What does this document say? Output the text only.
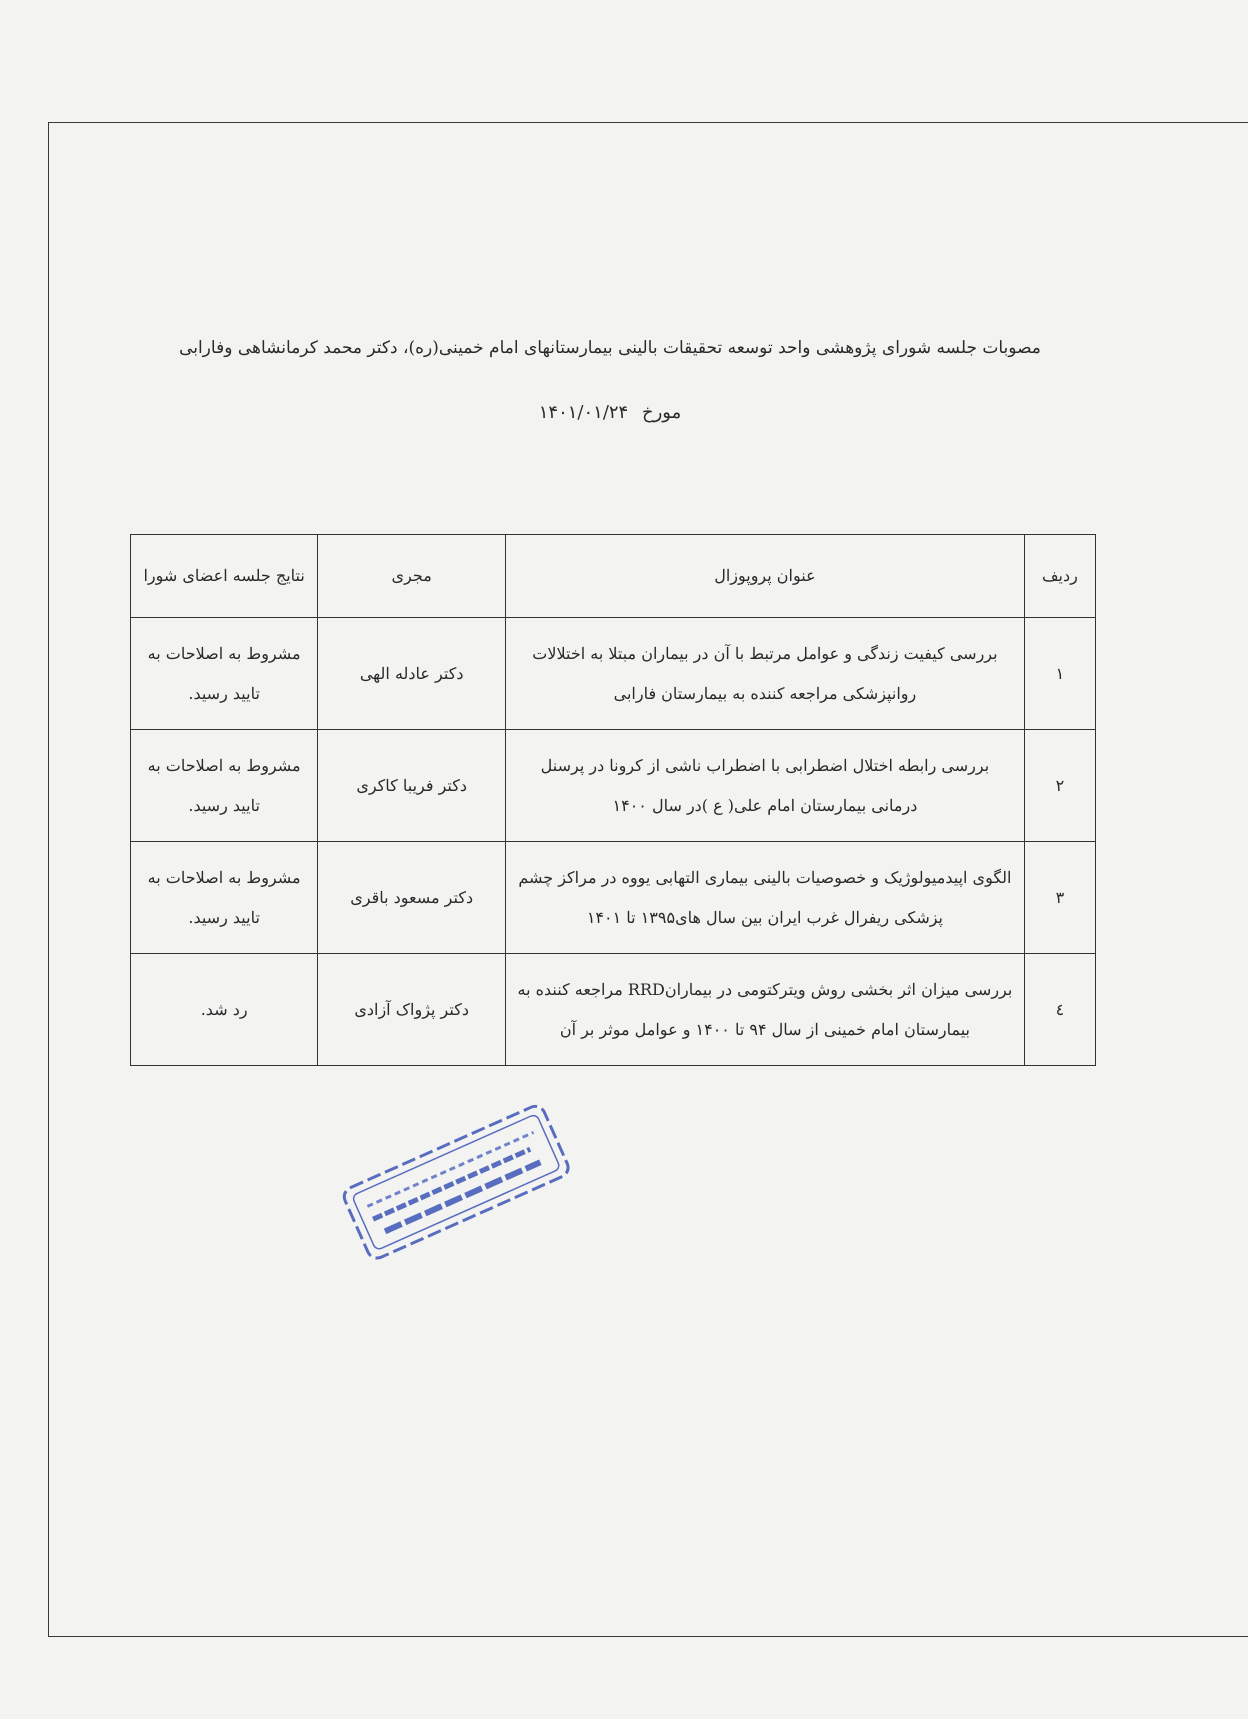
مصوبات جلسه شورای پژوهشی واحد توسعه تحقیقات بالینی بیمارستانهای امام خمینی(ره)، دکتر محمد کرمانشاهی وفارابی
مورخ ۱۴۰۱/۰۱/۲۴
ردیف	عنوان پروپوزال	مجری	نتایج جلسه اعضای شورا
۱	بررسی کیفیت زندگی و عوامل مرتبط با آن در بیماران مبتلا به اختلالات روانپزشکی مراجعه کننده به بیمارستان فارابی	دکتر عادله الهی	مشروط به اصلاحات به تایید رسید.
۲	بررسی رابطه اختلال اضطرابی با اضطراب ناشی از کرونا در پرسنل درمانی بیمارستان امام علی( ع )در سال ۱۴۰۰	دکتر فریبا کاکری	مشروط به اصلاحات به تایید رسید.
۳	الگوی اپیدمیولوژیک و خصوصیات بالینی بیماری التهابی یووه در مراکز چشم پزشکی ریفرال غرب ایران بین سال های۱۳۹۵ تا ۱۴۰۱	دکتر مسعود باقری	مشروط به اصلاحات به تایید رسید.
٤	بررسی میزان اثر بخشی روش ویترکتومی در بیمارانRRD مراجعه کننده به بیمارستان امام خمینی از سال ۹۴ تا ۱۴۰۰ و عوامل موثر بر آن	دکتر پژواک آزادی	رد شد.
